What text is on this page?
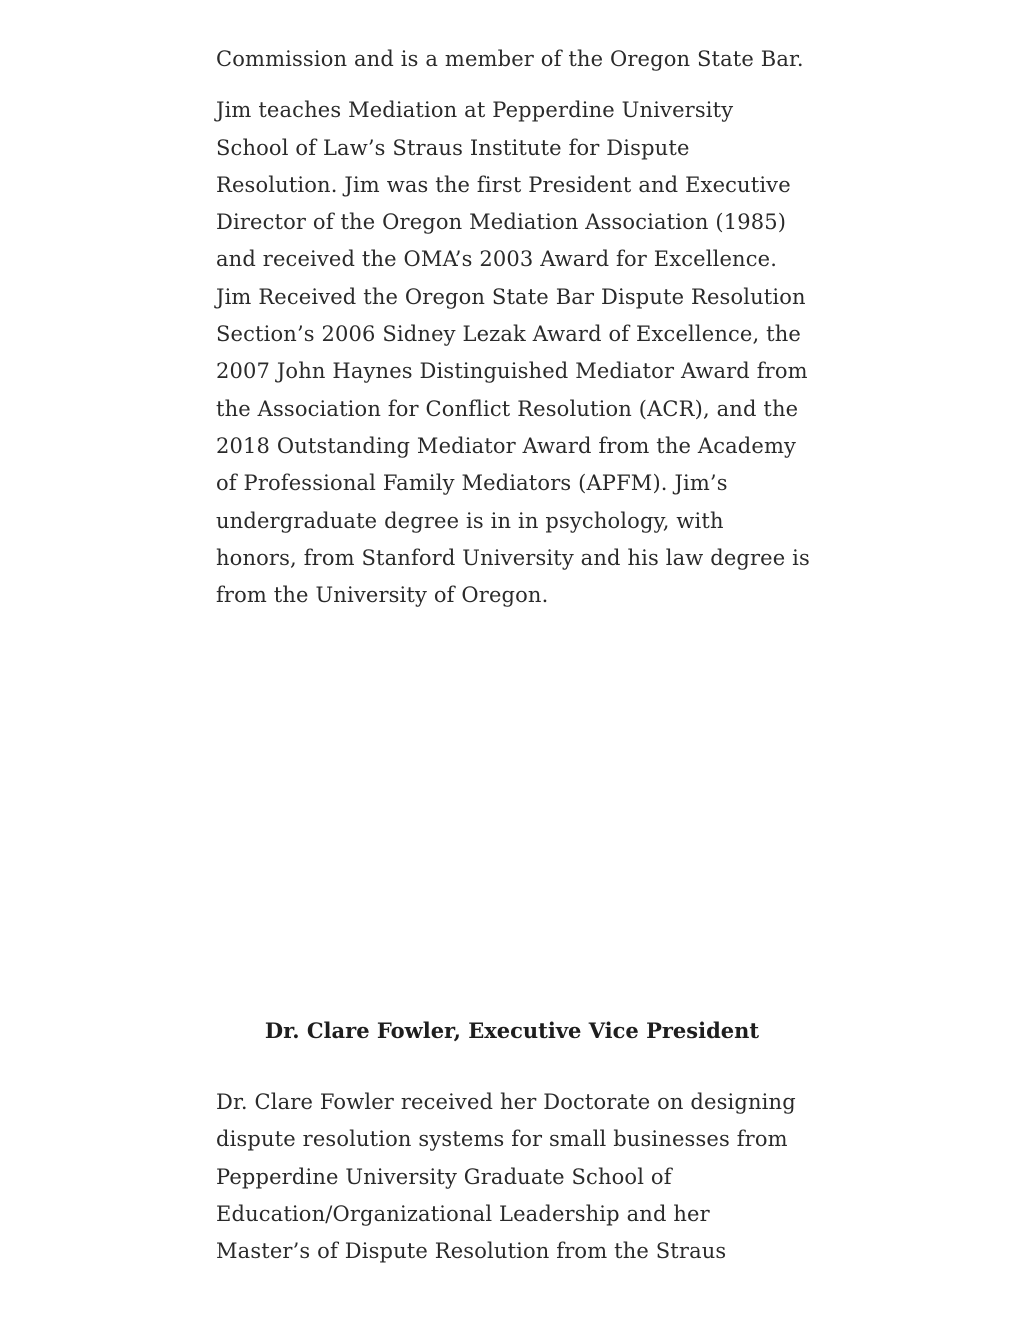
Commission and is a member of the Oregon State Bar.

Jim teaches Mediation at Pepperdine University
School of Law’s Straus Institute for Dispute
Resolution. Jim was the first President and Executive
Director of the Oregon Mediation Association (1985)
and received the OMA’s 2003 Award for Excellence.
Jim Received the Oregon State Bar Dispute Resolution
Section’s 2006 Sidney Lezak Award of Excellence, the
2007 John Haynes Distinguished Mediator Award from
the Association for Conflict Resolution (ACR), and the
2018 Outstanding Mediator Award from the Academy
of Professional Family Mediators (APFM). Jim’s
undergraduate degree is in in psychology, with
honors, from Stanford University and his law degree is
from the University of Oregon.

Dr. Clare Fowler, Executive Vice President

Dr. Clare Fowler received her Doctorate on designing
dispute resolution systems for small businesses from
Pepperdine University Graduate School of
Education/Organizational Leadership and her
Master’s of Dispute Resolution from the Straus
